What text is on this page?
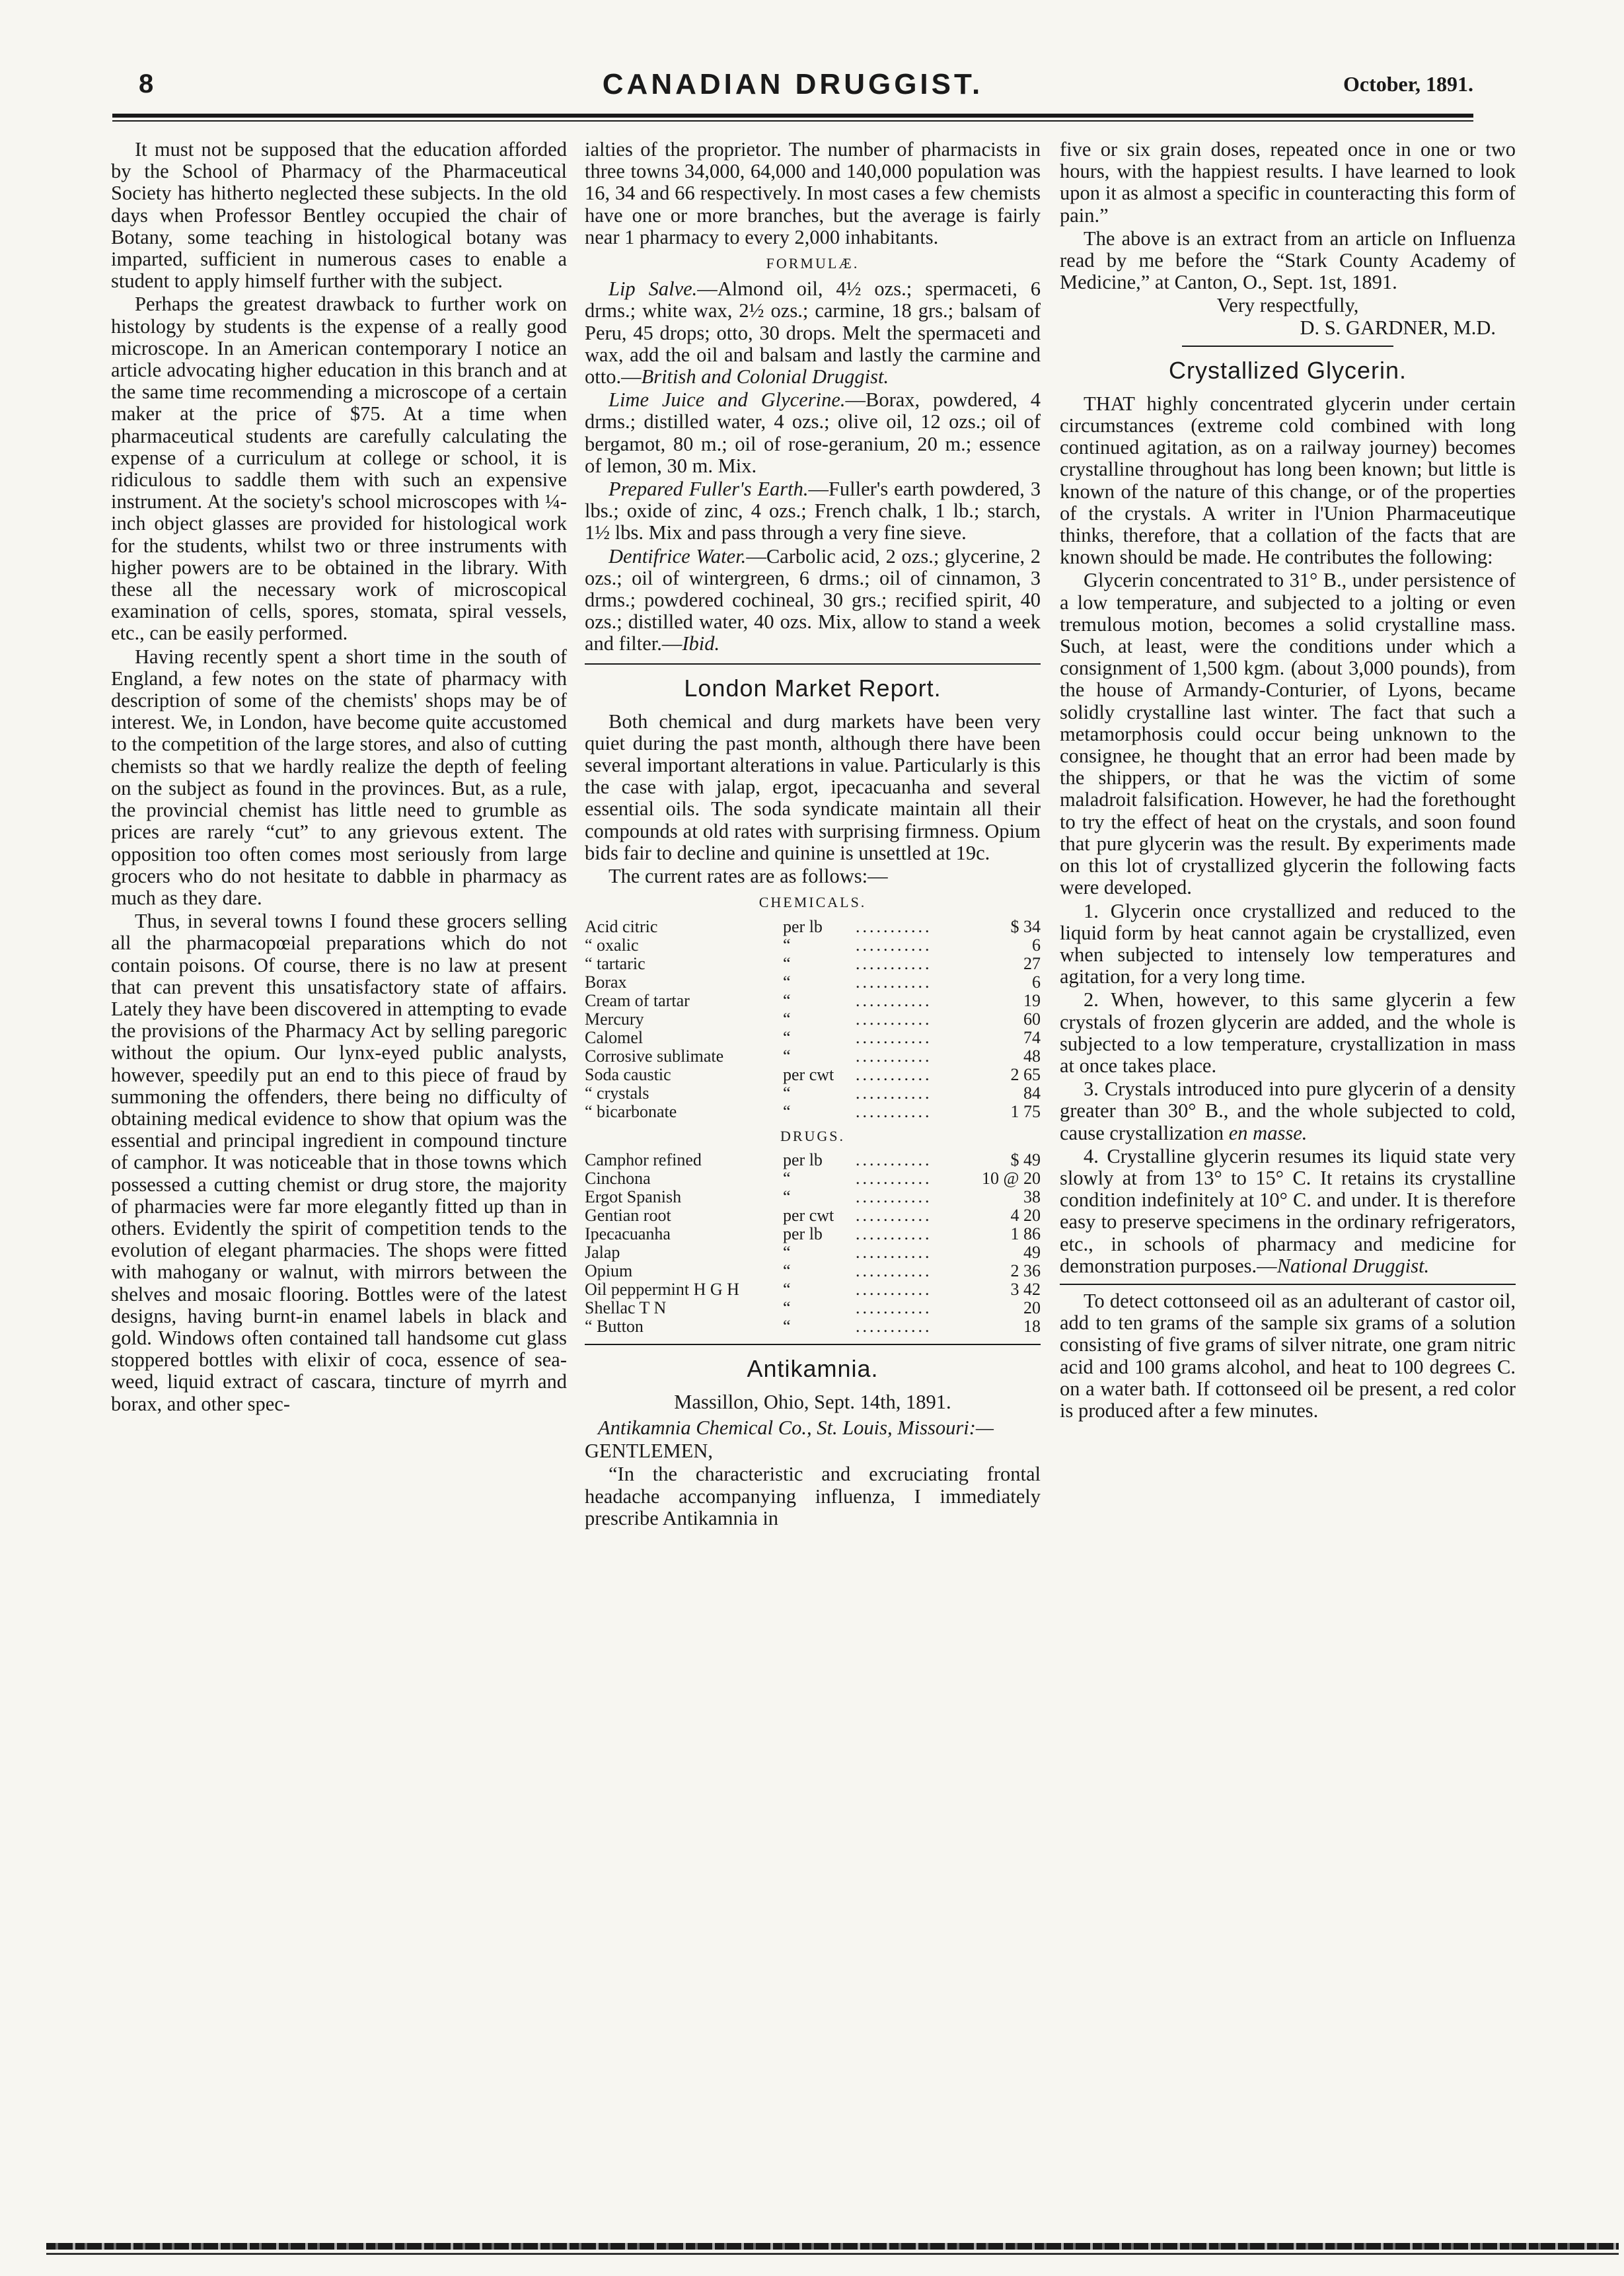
8	CANADIAN DRUGGIST.	October, 1891.

It must not be supposed that the education afforded by the School of Pharmacy of the Pharmaceutical Society has hitherto neglected these subjects. In the old days when Professor Bentley occupied the chair of Botany, some teaching in histological botany was imparted, sufficient in numerous cases to enable a student to apply himself further with the subject.

Perhaps the greatest drawback to further work on histology by students is the expense of a really good microscope. In an American contemporary I notice an article advocating higher education in this branch and at the same time recommending a microscope of a certain maker at the price of $75. At a time when pharmaceutical students are carefully calculating the expense of a curriculum at college or school, it is ridiculous to saddle them with such an expensive instrument. At the society's school microscopes with ¼-inch object glasses are provided for histological work for the students, whilst two or three instruments with higher powers are to be obtained in the library. With these all the necessary work of microscopical examination of cells, spores, stomata, spiral vessels, etc., can be easily performed.

Having recently spent a short time in the south of England, a few notes on the state of pharmacy with description of some of the chemists' shops may be of interest. We, in London, have become quite accustomed to the competition of the large stores, and also of cutting chemists so that we hardly realize the depth of feeling on the subject as found in the provinces. But, as a rule, the provincial chemist has little need to grumble as prices are rarely “cut” to any grievous extent. The opposition too often comes most seriously from large grocers who do not hesitate to dabble in pharmacy as much as they dare.

Thus, in several towns I found these grocers selling all the pharmacopœial preparations which do not contain poisons. Of course, there is no law at present that can prevent this unsatisfactory state of affairs. Lately they have been discovered in attempting to evade the provisions of the Pharmacy Act by selling paregoric without the opium. Our lynx-eyed public analysts, however, speedily put an end to this piece of fraud by summoning the offenders, there being no difficulty of obtaining medical evidence to show that opium was the essential and principal ingredient in compound tincture of camphor. It was noticeable that in those towns which possessed a cutting chemist or drug store, the majority of pharmacies were far more elegantly fitted up than in others. Evidently the spirit of competition tends to the evolution of elegant pharmacies. The shops were fitted with mahogany or walnut, with mirrors between the shelves and mosaic flooring. Bottles were of the latest designs, having burnt-in enamel labels in black and gold. Windows often contained tall handsome cut glass stoppered bottles with elixir of coca, essence of sea-weed, liquid extract of cascara, tincture of myrrh and borax, and other spec-

ialties of the proprietor. The number of pharmacists in three towns 34,000, 64,000 and 140,000 population was 16, 34 and 66 respectively. In most cases a few chemists have one or more branches, but the average is fairly near 1 pharmacy to every 2,000 inhabitants.

FORMULÆ.

Lip Salve.—Almond oil, 4½ ozs.; spermaceti, 6 drms.; white wax, 2½ ozs.; carmine, 18 grs.; balsam of Peru, 45 drops; otto, 30 drops. Melt the spermaceti and wax, add the oil and balsam and lastly the carmine and otto.—British and Colonial Druggist.

Lime Juice and Glycerine.—Borax, powdered, 4 drms.; distilled water, 4 ozs.; olive oil, 12 ozs.; oil of bergamot, 80 m.; oil of rose-geranium, 20 m.; essence of lemon, 30 m. Mix.

Prepared Fuller's Earth.—Fuller's earth powdered, 3 lbs.; oxide of zinc, 4 ozs.; French chalk, 1 lb.; starch, 1½ lbs. Mix and pass through a very fine sieve.

Dentifrice Water.—Carbolic acid, 2 ozs.; glycerine, 2 ozs.; oil of wintergreen, 6 drms.; oil of cinnamon, 3 drms.; powdered cochineal, 30 grs.; recified spirit, 40 ozs.; distilled water, 40 ozs. Mix, allow to stand a week and filter.—Ibid.

London Market Report.

Both chemical and durg markets have been very quiet during the past month, although there have been several important alterations in value. Particularly is this the case with jalap, ergot, ipecacuanha and several essential oils. The soda syndicate maintain all their compounds at old rates with surprising firmness. Opium bids fair to decline and quinine is unsettled at 19c.

The current rates are as follows:—

CHEMICALS.
Acid citric	per lb	...........	$ 34
“ oxalic	“	...........	6
“ tartaric	“	...........	27
Borax	“	...........	6
Cream of tartar	“	...........	19
Mercury	“	...........	60
Calomel	“	...........	74
Corrosive sublimate	“	...........	48
Soda caustic	per cwt	...........	2 65
“ crystals	“	...........	84
“ bicarbonate	“	...........	1 75
DRUGS.
Camphor refined	per lb	...........	$ 49
Cinchona	“	...........	10 @ 20
Ergot Spanish	“	...........	38
Gentian root	per cwt	...........	4 20
Ipecacuanha	per lb	...........	1 86
Jalap	“	...........	49
Opium	“	...........	2 36
Oil peppermint H G H	“	...........	3 42
Shellac T N	“	...........	20
“ Button	“	...........	18
Antikamnia.
Massillon, Ohio, Sept. 14th, 1891.

Antikamnia Chemical Co., St. Louis, Missouri:—

GENTLEMEN,

“In the characteristic and excruciating frontal headache accompanying influenza, I immediately prescribe Antikamnia in

five or six grain doses, repeated once in one or two hours, with the happiest results. I have learned to look upon it as almost a specific in counteracting this form of pain.”

The above is an extract from an article on Influenza read by me before the “Stark County Academy of Medicine,” at Canton, O., Sept. 1st, 1891.

Very respectfully,
D. S. GARDNER, M.D.
Crystallized Glycerin.

THAT highly concentrated glycerin under certain circumstances (extreme cold combined with long continued agitation, as on a railway journey) becomes crystalline throughout has long been known; but little is known of the nature of this change, or of the properties of the crystals. A writer in l'Union Pharmaceutique thinks, therefore, that a collation of the facts that are known should be made. He contributes the following:

Glycerin concentrated to 31° B., under persistence of a low temperature, and subjected to a jolting or even tremulous motion, becomes a solid crystalline mass. Such, at least, were the conditions under which a consignment of 1,500 kgm. (about 3,000 pounds), from the house of Armandy-Conturier, of Lyons, became solidly crystalline last winter. The fact that such a metamorphosis could occur being unknown to the consignee, he thought that an error had been made by the shippers, or that he was the victim of some maladroit falsification. However, he had the forethought to try the effect of heat on the crystals, and soon found that pure glycerin was the result. By experiments made on this lot of crystallized glycerin the following facts were developed.

1. Glycerin once crystallized and reduced to the liquid form by heat cannot again be crystallized, even when subjected to intensely low temperatures and agitation, for a very long time.

2. When, however, to this same glycerin a few crystals of frozen glycerin are added, and the whole is subjected to a low temperature, crystallization in mass at once takes place.

3. Crystals introduced into pure glycerin of a density greater than 30° B., and the whole subjected to cold, cause crystallization en masse.

4. Crystalline glycerin resumes its liquid state very slowly at from 13° to 15° C. It retains its crystalline condition indefinitely at 10° C. and under. It is therefore easy to preserve specimens in the ordinary refrigerators, etc., in schools of pharmacy and medicine for demonstration purposes.—National Druggist.

To detect cottonseed oil as an adulterant of castor oil, add to ten grams of the sample six grams of a solution consisting of five grams of silver nitrate, one gram nitric acid and 100 grams alcohol, and heat to 100 degrees C. on a water bath. If cottonseed oil be present, a red color is produced after a few minutes.
